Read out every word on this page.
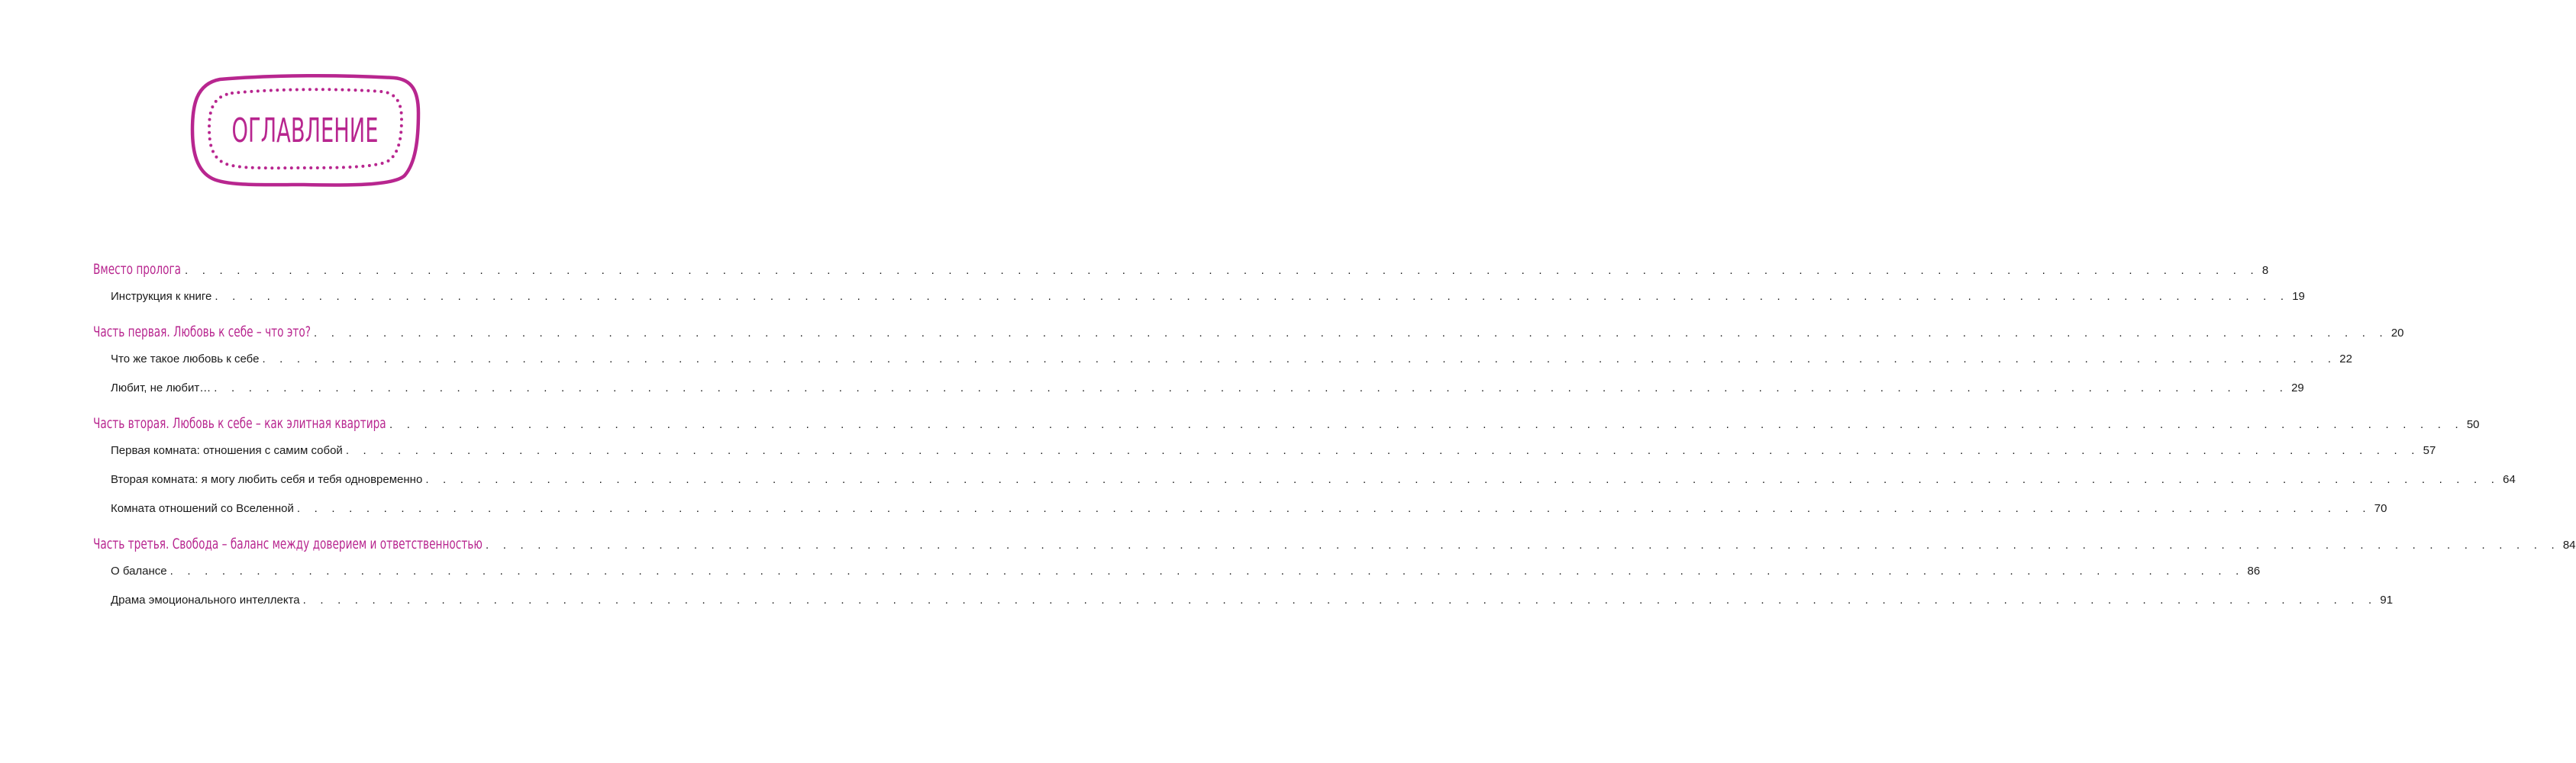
ОГЛАВЛЕНИЕ
Вместо пролога . . . . . . . . . . . . . . . . . . . . . . . . . . . . . . . . . . . . . . . . . . . . . . . . . . . . . . . . . . . . . . . . . . . . . . . . . . . . . . . . . . . . . . . . . . . . . . . . . . . . . . . . . . . . . . . . . . . . . . . . 8
Инструкция к книге . . . . . . . . . . . . . . . . . . . . . . . . . . . . . . . . . . . . . . . . . . . . . . . . . . . . . . . . . . . . . . . . . . . . . . . . . . . . . . . . . . . . . . . . . . . . . . . . . . . . . . . . . . . . . . . . . . . . . . . . 19
Часть первая. Любовь к себе – что это? . . . . . . . . . . . . . . . . . . . . . . . . . . . . . . . . . . . . . . . . . . . . . . . . . . . . . . . . . . . . . . . . . . . . . . . . . . . . . . . . . . . . . . . . . . . . . . . . . . . . . . . . . . . . . . . . . . . . . . . . 20
Что же такое любовь к себе . . . . . . . . . . . . . . . . . . . . . . . . . . . . . . . . . . . . . . . . . . . . . . . . . . . . . . . . . . . . . . . . . . . . . . . . . . . . . . . . . . . . . . . . . . . . . . . . . . . . . . . . . . . . . . . . . . . . . . . . 22
Любит, не любит… . . . . . . . . . . . . . . . . . . . . . . . . . . . . . . . . . . . . . . . . . . . . . . . . . . . . . . . . . . . . . . . . . . . . . . . . . . . . . . . . . . . . . . . . . . . . . . . . . . . . . . . . . . . . . . . . . . . . . . . . 29
Часть вторая. Любовь к себе – как элитная квартира . . . . . . . . . . . . . . . . . . . . . . . . . . . . . . . . . . . . . . . . . . . . . . . . . . . . . . . . . . . . . . . . . . . . . . . . . . . . . . . . . . . . . . . . . . . . . . . . . . . . . . . . . . . . . . . . . . . . . . . . 50
Первая комната: отношения с самим собой . . . . . . . . . . . . . . . . . . . . . . . . . . . . . . . . . . . . . . . . . . . . . . . . . . . . . . . . . . . . . . . . . . . . . . . . . . . . . . . . . . . . . . . . . . . . . . . . . . . . . . . . . . . . . . . . . . . . . . . . 57
Вторая комната: я могу любить себя и тебя одновременно . . . . . . . . . . . . . . . . . . . . . . . . . . . . . . . . . . . . . . . . . . . . . . . . . . . . . . . . . . . . . . . . . . . . . . . . . . . . . . . . . . . . . . . . . . . . . . . . . . . . . . . . . . . . . . . . . . . . . . . . 64
Комната отношений со Вселенной . . . . . . . . . . . . . . . . . . . . . . . . . . . . . . . . . . . . . . . . . . . . . . . . . . . . . . . . . . . . . . . . . . . . . . . . . . . . . . . . . . . . . . . . . . . . . . . . . . . . . . . . . . . . . . . . . . . . . . . . 70
Часть третья. Свобода – баланс между доверием и ответственностью . . . . . . . . . . . . . . . . . . . . . . . . . . . . . . . . . . . . . . . . . . . . . . . . . . . . . . . . . . . . . . . . . . . . . . . . . . . . . . . . . . . . . . . . . . . . . . . . . . . . . . . . . . . . . . . . . . . . . . . . 84
О балансе . . . . . . . . . . . . . . . . . . . . . . . . . . . . . . . . . . . . . . . . . . . . . . . . . . . . . . . . . . . . . . . . . . . . . . . . . . . . . . . . . . . . . . . . . . . . . . . . . . . . . . . . . . . . . . . . . . . . . . . . 86
Драма эмоционального интеллекта . . . . . . . . . . . . . . . . . . . . . . . . . . . . . . . . . . . . . . . . . . . . . . . . . . . . . . . . . . . . . . . . . . . . . . . . . . . . . . . . . . . . . . . . . . . . . . . . . . . . . . . . . . . . . . . . . . . . . . . . 91
